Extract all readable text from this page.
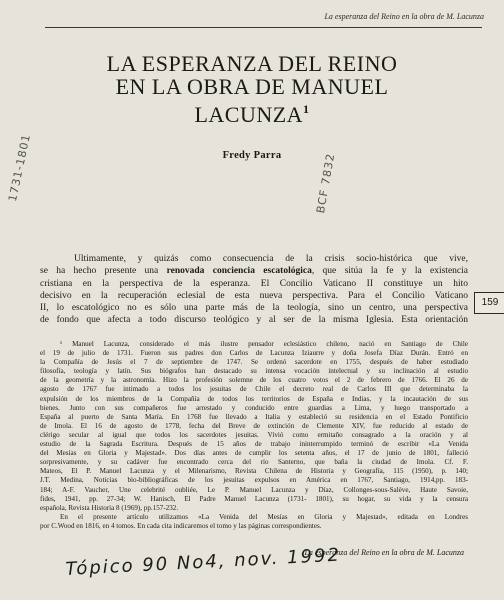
La esperanza del Reino en la obra de M. Lacunza
LA ESPERANZA DEL REINO
EN LA OBRA DE MANUEL
LACUNZA$^1$
Fredy Parra
1731-1801	BCF 7832
Ultimamente, y quizás como consecuencia de la crisis socio-histórica que vive,
se ha hecho presente una renovada conciencia escatológica, que sitúa la fe y la existencia
cristiana en la perspectiva de la esperanza. El Concilio Vaticano II constituye un hito
decisivo en la recuperación eclesial de esta nueva perspectiva. Para el Concilio Vaticano
II, lo escatológico no es sólo una parte más de la teología, sino un centro, una perspectiva
de fondo que afecta a todo discurso teológico y al ser de la misma Iglesia. Esta orientación
159
¹ Manuel Lacunza, considerado el más ilustre pensador eclesiástico chileno, nació en Santiago de Chile
el 19 de julio de 1731. Fueron sus padres don Carlos de Lacunza Iziaurre y doña Josefa Díaz Durán. Entró en
la Compañía de Jesús el 7 de septiembre de 1747. Se ordenó sacerdote en 1755, después de haber estudiado
filosofía, teología y latín. Sus biógrafos han destacado su intensa vocación intelectual y su inclinación al estudio
de la geometría y la astronomía. Hizo la profesión solemne de los cuatro votos el 2 de febrero de 1766. El 26 de
agosto de 1767 fue intimado a todos los jesuitas de Chile el decreto real de Carlos III que determinaba la
expulsión de los miembros de la Compañía de todos los territorios de España e Indias, y la incautación de sus
bienes. Junto con sus compañeros fue arrestado y conducido entre guardias a Lima, y luego transportado a
España al puerto de Santa María. En 1768 fue llevado a Italia y estableció su residencia en el Estado Pontificio
de Imola. El 16 de agosto de 1778, fecha del Breve de extinción de Clemente XIV, fue reducido al estado de
clérigo secular al igual que todos los sacerdotes jesuitas. Vivió como ermitaño consagrado a la oración y al
estudio de la Sagrada Escritura. Después de 15 años de trabajo ininterrumpido terminó de escribir «La Venida
del Mesías en Gloria y Majestad». Dos días antes de cumplir los setenta años, el 17 de junio de 1801, falleció
sorpresivamente, y su cadáver fue encontrado cerca del río Santerno, que baña la ciudad de Imola. Cf. F.
Mateos, El P. Manuel Lacunza y el Milenarismo, Revista Chilena de Historia y Geografía, 115 (1950), p. 140;
J.T. Medina, Noticias bio-bibliográficas de los jesuitas expulsos en América en 1767, Santiago, 1914,pp. 183-
184; A-F. Vaucher, Une celebrité oubliée, Le P. Manuel Lacunza y Díaz, Collonges-sous-Salève, Haute Savoie,
fides, 1941, pp. 27-34; W. Hanisch, El Padre Manuel Lacunza (1731- 1801), su hogar, su vida y la censura
española, Revista Historia 8 (1969), pp.157-232.
En el presente artículo utilizamos «La Venida del Mesías en Gloria y Majestad», editada en Londres
por C.Wood en 1816, en 4 tomos. En cada cita indicaremos el tomo y las páginas correspondientes.
La esperanza del Reino en la obra de M. Lacunza
Tópico 90 No4, nov. 1992
